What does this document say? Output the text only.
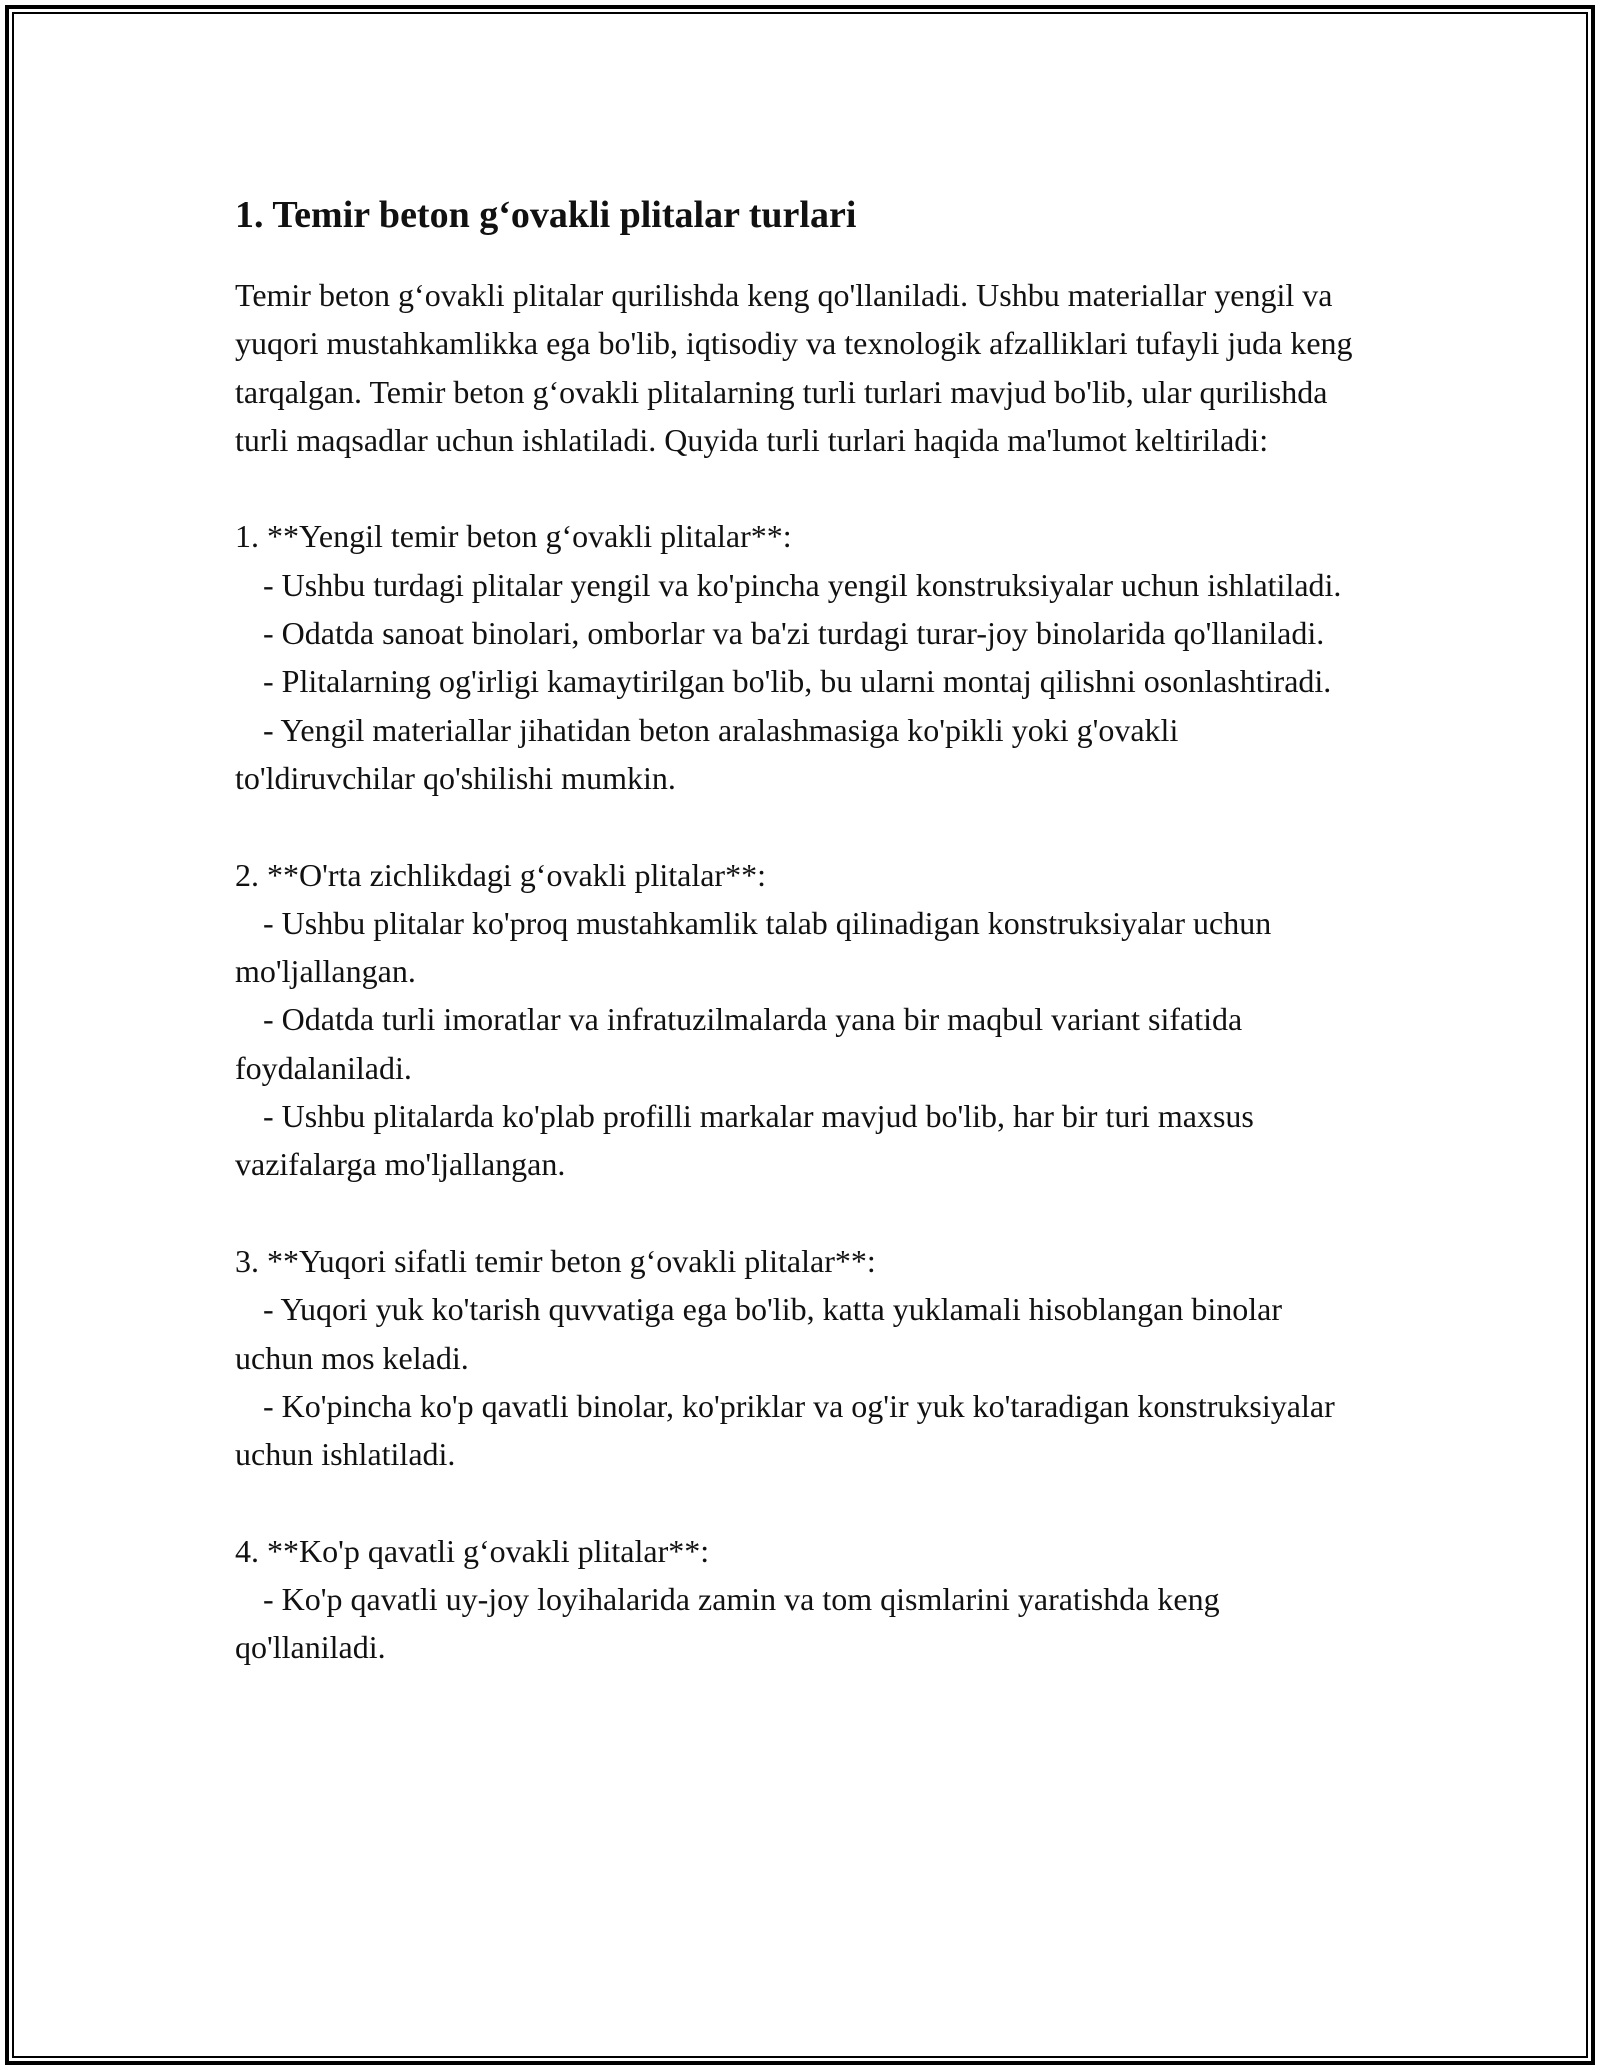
1. Temir beton g‘ovakli plitalar turlari

Temir beton g‘ovakli plitalar qurilishda keng qo'llaniladi. Ushbu materiallar yengil va yuqori mustahkamlikka ega bo'lib, iqtisodiy va texnologik afzalliklari tufayli juda keng tarqalgan. Temir beton g‘ovakli plitalarning turli turlari mavjud bo'lib, ular qurilishda turli maqsadlar uchun ishlatiladi. Quyida turli turlari haqida ma'lumot keltiriladi:

1. **Yengil temir beton g‘ovakli plitalar**:

- Ushbu turdagi plitalar yengil va ko'pincha yengil konstruksiyalar uchun ishlatiladi.

- Odatda sanoat binolari, omborlar va ba'zi turdagi turar-joy binolarida qo'llaniladi.

- Plitalarning og'irligi kamaytirilgan bo'lib, bu ularni montaj qilishni osonlashtiradi.

- Yengil materiallar jihatidan beton aralashmasiga ko'pikli yoki g'ovakli to'ldiruvchilar qo'shilishi mumkin.

2. **O'rta zichlikdagi g‘ovakli plitalar**:

- Ushbu plitalar ko'proq mustahkamlik talab qilinadigan konstruksiyalar uchun mo'ljallangan.

- Odatda turli imoratlar va infratuzilmalarda yana bir maqbul variant sifatida foydalaniladi.

- Ushbu plitalarda ko'plab profilli markalar mavjud bo'lib, har bir turi maxsus vazifalarga mo'ljallangan.

3. **Yuqori sifatli temir beton g‘ovakli plitalar**:

- Yuqori yuk ko'tarish quvvatiga ega bo'lib, katta yuklamali hisoblangan binolar uchun mos keladi.

- Ko'pincha ko'p qavatli binolar, ko'priklar va og'ir yuk ko'taradigan konstruksiyalar uchun ishlatiladi.

4. **Ko'p qavatli g‘ovakli plitalar**:

- Ko'p qavatli uy-joy loyihalarida zamin va tom qismlarini yaratishda keng qo'llaniladi.
